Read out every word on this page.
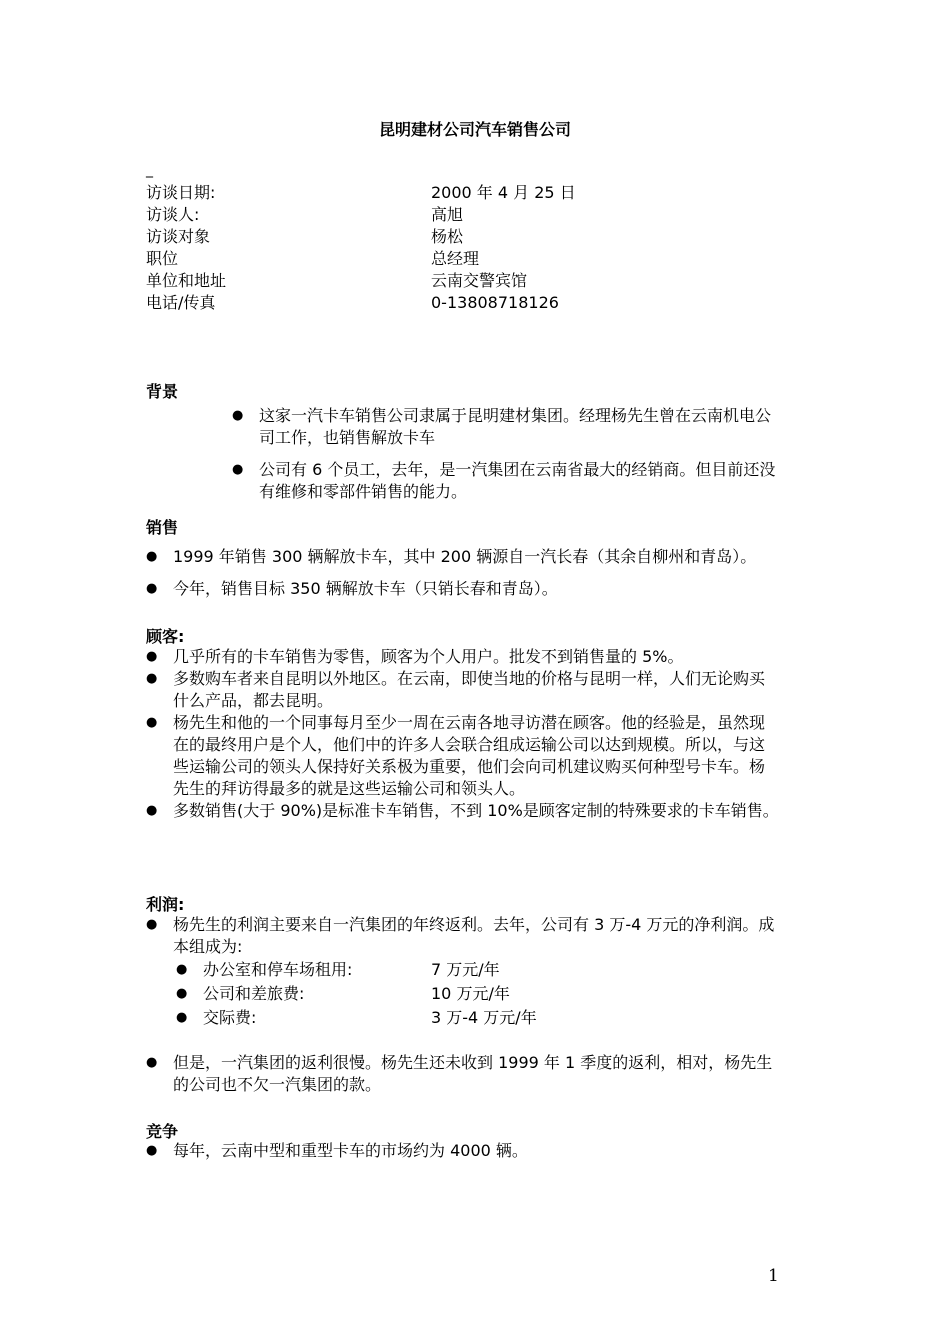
昆明建材公司汽车销售公司
_
访谈日期:	2000 年 4 月 25 日
访谈人:	高旭
访谈对象	杨松
职位	总经理
单位和地址	云南交警宾馆
电话/传真	0-13808718126
背景
● 这家一汽卡车销售公司隶属于昆明建材集团。经理杨先生曾在云南机电公司工作，也销售解放卡车
● 公司有 6 个员工，去年，是一汽集团在云南省最大的经销商。但目前还没有维修和零部件销售的能力。
销售
● 1999 年销售 300 辆解放卡车，其中 200 辆源自一汽长春（其余自柳州和青岛）。
● 今年，销售目标 350 辆解放卡车（只销长春和青岛）。
顾客:
● 几乎所有的卡车销售为零售，顾客为个人用户。批发不到销售量的 5%。
● 多数购车者来自昆明以外地区。在云南，即使当地的价格与昆明一样，人们无论购买什么产品，都去昆明。
● 杨先生和他的一个同事每月至少一周在云南各地寻访潜在顾客。他的经验是，虽然现在的最终用户是个人，他们中的许多人会联合组成运输公司以达到规模。所以，与这些运输公司的领头人保持好关系极为重要，他们会向司机建议购买何种型号卡车。杨先生的拜访得最多的就是这些运输公司和领头人。
● 多数销售(大于 90%)是标准卡车销售，不到 10%是顾客定制的特殊要求的卡车销售。
利润:
● 杨先生的利润主要来自一汽集团的年终返利。去年，公司有 3 万-4 万元的净利润。成本组成为:
● 办公室和停车场租用:	7 万元/年
● 公司和差旅费:	10 万元/年
● 交际费:	3 万-4 万元/年
● 但是，一汽集团的返利很慢。杨先生还未收到 1999 年 1 季度的返利，相对，杨先生的公司也不欠一汽集团的款。
竞争
● 每年，云南中型和重型卡车的市场约为 4000 辆。
1
